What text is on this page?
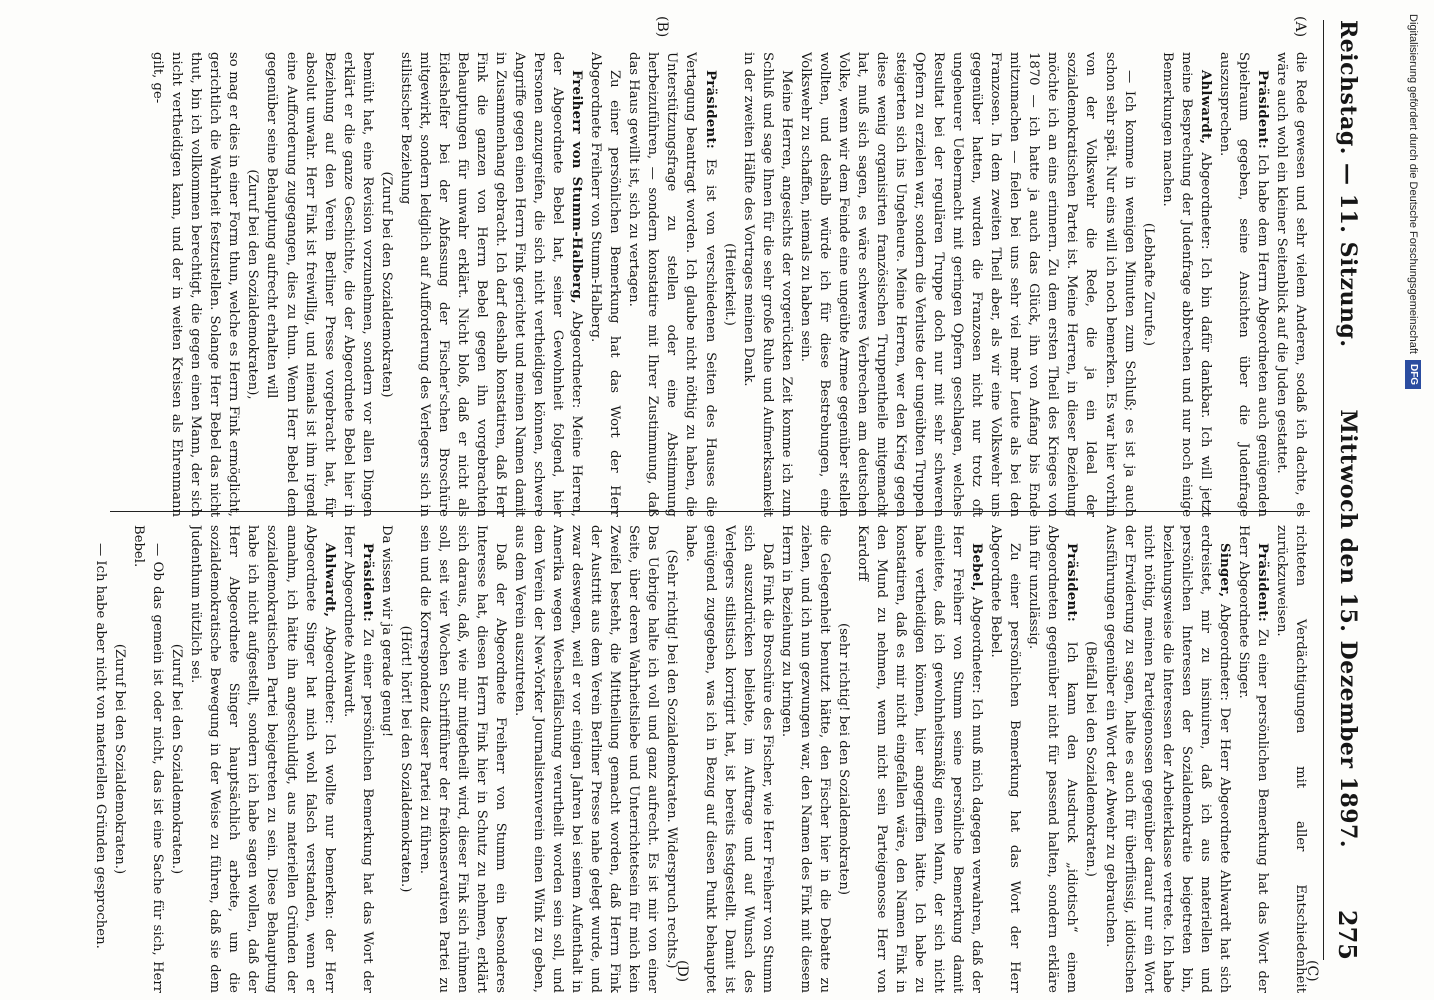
Reichstag. — 11. Sitzung.
Mittwoch den 15. Dezember 1897.
275
(A)
(B)
(C)
(D)

die Rede gewesen und sehr vielem Anderen, sodaß ich dachte, es wäre auch wohl ein kleiner Seitenblick auf die Juden gestattet.

Präsident: Ich habe dem Herrn Abgeordneten auch genügenden Spielraum gegeben, seine Ansichten über die Judenfrage auszusprechen.

Ahlwardt, Abgeordneter: Ich bin dafür dankbar. Ich will jetzt meine Besprechung der Judenfrage abbrechen und nur noch einige Bemerkungen machen.

(Lebhafte Zurufe.)

— Ich komme in wenigen Minuten zum Schluß; es ist ja auch schon sehr spät. Nur eins will ich noch bemerken. Es war hier vorhin von der Volkswehr die Rede, die ja ein Ideal der sozialdemokratischen Partei ist. Meine Herren, in dieser Beziehung möchte ich an eins erinnern. Zu dem ersten Theil des Krieges von 1870 — ich hatte ja auch das Glück, ihn von Anfang bis Ende mitzumachen — fielen bei uns sehr viel mehr Leute als bei den Franzosen. In dem zweiten Theil aber, als wir eine Volkswehr uns gegenüber hatten, wurden die Franzosen nicht nur trotz oft ungeheurer Uebermacht mit geringen Opfern geschlagen, welches Resultat bei der regulären Truppe doch nur mit sehr schweren Opfern zu erzielen war, sondern die Verluste der ungeübten Truppen steigerten sich ins Ungeheure. Meine Herren, wer den Krieg gegen diese wenig organisirten französischen Truppentheile mitgemacht hat, muß sich sagen, es wäre schweres Verbrechen am deutschen Volke, wenn wir dem Feinde eine ungeübte Armee gegenüber stellen wollten, und deshalb würde ich für diese Bestrebungen, eine Volkswehr zu schaffen, niemals zu haben sein.

Meine Herren, angesichts der vorgerückten Zeit komme ich zum Schluß und sage Ihnen für die sehr große Ruhe und Aufmerksamkeit in der zweiten Hälfte des Vortrages meinen Dank.

(Heiterkeit.)

Präsident: Es ist von verschiedenen Seiten des Hauses die Vertagung beantragt worden. Ich glaube nicht nöthig zu haben, die Unterstützungsfrage zu stellen oder eine Abstimmung herbeizuführen, — sondern konstatire mit Ihrer Zustimmung, daß das Haus gewillt ist, sich zu vertagen.

Zu einer persönlichen Bemerkung hat das Wort der Herr Abgeordnete Freiherr von Stumm-Halberg.

Freiherr von Stumm-Halberg, Abgeordneter: Meine Herren, der Abgeordnete Bebel hat, seiner Gewohnheit folgend, hier Personen anzugreifen, die sich nicht vertheidigen können, schwere Angriffe gegen einen Herrn Fink gerichtet und meinen Namen damit in Zusammenhang gebracht. Ich darf deshalb konstatiren, daß Herr Fink die ganzen von Herrn Bebel gegen ihn vorgebrachten Behauptungen für unwahr erklärt. Nicht bloß, daß er nicht als Eideshelfer bei der Abfassung der Fischer'schen Broschüre mitgewirkt, sondern lediglich auf Aufforderung des Verlegers sich in stilistischer Beziehung

(Zuruf bei den Sozialdemokraten)

bemüht hat, eine Revision vorzunehmen, sondern vor allen Dingen erklärt er die ganze Geschichte, die der Abgeordnete Bebel hier in Beziehung auf den Verein Berliner Presse vorgebracht hat, für absolut unwahr. Herr Fink ist freiwillig, und niemals ist ihm irgend eine Aufforderung zugegangen, dies zu thun. Wenn Herr Bebel dem gegenüber seine Behauptung aufrecht erhalten will

(Zuruf bei den Sozialdemokraten),

so mag er dies in einer Form thun, welche es Herrn Fink ermöglicht, gerichtlich die Wahrheit festzustellen. Solange Herr Bebel das nicht thut, bin ich vollkommen berechtigt, die gegen einen Mann, der sich nicht vertheidigen kann, und der in weiten Kreisen als Ehrenmann gilt, ge-

richteten Verdächtigungen mit aller Entschiedenheit zurückzuweisen.

Präsident: Zu einer persönlichen Bemerkung hat das Wort der Herr Abgeordnete Singer.

Singer, Abgeordneter: Der Herr Abgeordnete Ahlwardt hat sich erdreistet, mir zu insinuiren, daß ich aus materiellen und persönlichen Interessen der Sozialdemokratie beigetreten bin, beziehungsweise die Interessen der Arbeiterklasse vertrete. Ich habe nicht nöthig, meinen Parteigenossen gegenüber darauf nur ein Wort der Erwiderung zu sagen, halte es auch für überflüssig, idiotischen Ausführungen gegenüber ein Wort der Abwehr zu gebrauchen.

(Beifall bei den Sozialdemokraten.)

Präsident: Ich kann den Ausdruck „idiotisch“ einem Abgeordneten gegenüber nicht für passend halten, sondern erkläre ihn für unzulässig.

Zu einer persönlichen Bemerkung hat das Wort der Herr Abgeordnete Bebel.

Bebel, Abgeordneter: Ich muß mich dagegen verwahren, daß der Herr Freiherr von Stumm seine persönliche Bemerkung damit einleitete, daß ich gewohnheitsmäßig einen Mann, der sich nicht habe vertheidigen können, hier angegriffen hätte. Ich habe zu konstatiren, daß es mir nicht eingefallen wäre, den Namen Fink in den Mund zu nehmen, wenn nicht sein Parteigenosse Herr von Kardorff

(sehr richtig! bei den Sozialdemokraten)

die Gelegenheit benutzt hätte, den Fischer hier in die Debatte zu ziehen, und ich nun gezwungen war, den Namen des Fink mit diesem Herrn in Beziehung zu bringen.

Daß Fink die Broschüre des Fischer, wie Herr Freiherr von Stumm sich auszudrücken beliebte, im Auftrage und auf Wunsch des Verlegers stilistisch korrigirt hat, ist bereits festgestellt. Damit ist genügend zugegeben, was ich in Bezug auf diesen Punkt behauptet habe.

(Sehr richtig! bei den Sozialdemokraten. Widerspruch rechts.)

Das Uebrige halte ich voll und ganz aufrecht. Es ist mir von einer Seite, über deren Wahrheitsliebe und Unterrichtetsein für mich kein Zweifel besteht, die Mittheilung gemacht worden, daß Herrn Fink der Austritt aus dem Verein Berliner Presse nahe gelegt wurde, und zwar deswegen, weil er vor einigen Jahren bei seinem Aufenthalt in Amerika wegen Wechselfälschung verurtheilt worden sein soll, und dem Verein der New-Yorker Journalistenverein einen Wink zu geben, aus dem Verein auszutreten.

Daß der Abgeordnete Freiherr von Stumm ein besonderes Interesse hat, diesen Herrn Fink hier in Schutz zu nehmen, erklärt sich daraus, daß, wie mir mitgetheilt wird, dieser Fink sich rühmen soll, seit vier Wochen Schriftführer der freikonservativen Partei zu sein und die Korrespondenz dieser Partei zu führen.

(Hört! hört! bei den Sozialdemokraten.)

Da wissen wir ja gerade genug!

Präsident: Zu einer persönlichen Bemerkung hat das Wort der Herr Abgeordnete Ahlwardt.

Ahlwardt, Abgeordneter: Ich wollte nur bemerken: der Herr Abgeordnete Singer hat mich wohl falsch verstanden, wenn er annahm, ich hätte ihn angeschuldigt, aus materiellen Gründen der sozialdemokratischen Partei beigetreten zu sein. Diese Behauptung habe ich nicht aufgestellt, sondern ich habe sagen wollen, daß der Herr Abgeordnete Singer hauptsächlich arbeite, um die sozialdemokratische Bewegung in der Weise zu führen, daß sie dem Judenthum nützlich sei.

(Zuruf bei den Sozialdemokraten.)

— Ob das gemein ist oder nicht, das ist eine Sache für sich, Herr Bebel.

(Zuruf bei den Sozialdemokraten.)

— Ich habe aber nicht von materiellen Gründen gesprochen.

Digitalisierung gefördert durch die Deutsche Forschungsgemeinschaft
DFG
